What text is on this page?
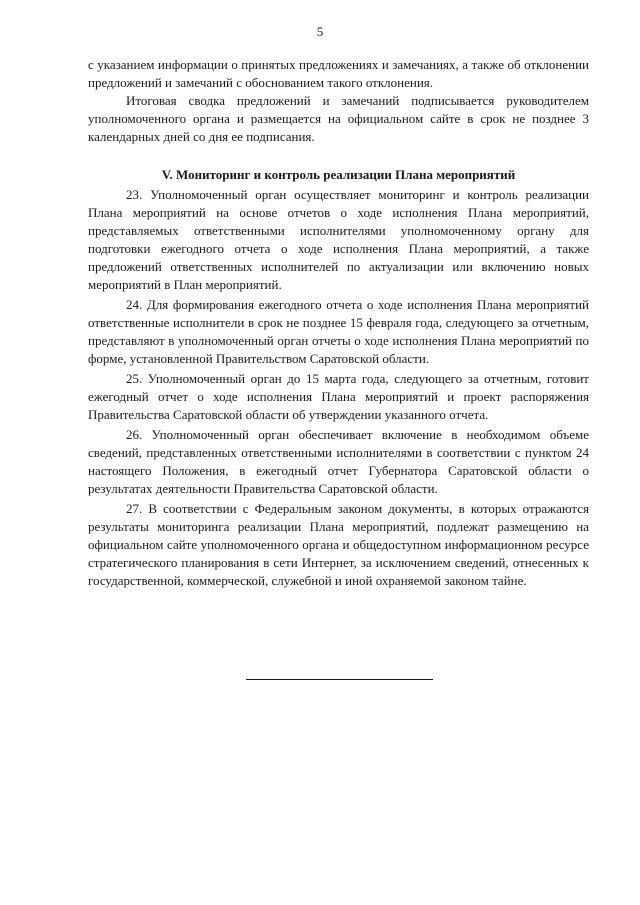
5

с указанием информации о принятых предложениях и замечаниях, а также об отклонении предложений и замечаний с обоснованием такого отклонения.

Итоговая сводка предложений и замечаний подписывается руководителем уполномоченного органа и размещается на официальном сайте в срок не позднее 3 календарных дней со дня ее подписания.

V. Мониторинг и контроль реализации Плана мероприятий

23. Уполномоченный орган осуществляет мониторинг и контроль реализации Плана мероприятий на основе отчетов о ходе исполнения Плана мероприятий, представляемых ответственными исполнителями уполномоченному органу для подготовки ежегодного отчета о ходе исполнения Плана мероприятий, а также предложений ответственных исполнителей по актуализации или включению новых мероприятий в План мероприятий.

24. Для формирования ежегодного отчета о ходе исполнения Плана мероприятий ответственные исполнители в срок не позднее 15 февраля года, следующего за отчетным, представляют в уполномоченный орган отчеты о ходе исполнения Плана мероприятий по форме, установленной Правительством Саратовской области.

25. Уполномоченный орган до 15 марта года, следующего за отчетным, готовит ежегодный отчет о ходе исполнения Плана мероприятий и проект распоряжения Правительства Саратовской области об утверждении указанного отчета.

26. Уполномоченный орган обеспечивает включение в необходимом объеме сведений, представленных ответственными исполнителями в соответствии с пунктом 24 настоящего Положения, в ежегодный отчет Губернатора Саратовской области о результатах деятельности Правительства Саратовской области.

27. В соответствии с Федеральным законом документы, в которых отражаются результаты мониторинга реализации Плана мероприятий, подлежат размещению на официальном сайте уполномоченного органа и общедоступном информационном ресурсе стратегического планирования в сети Интернет, за исключением сведений, отнесенных к государственной, коммерческой, служебной и иной охраняемой законом тайне.
